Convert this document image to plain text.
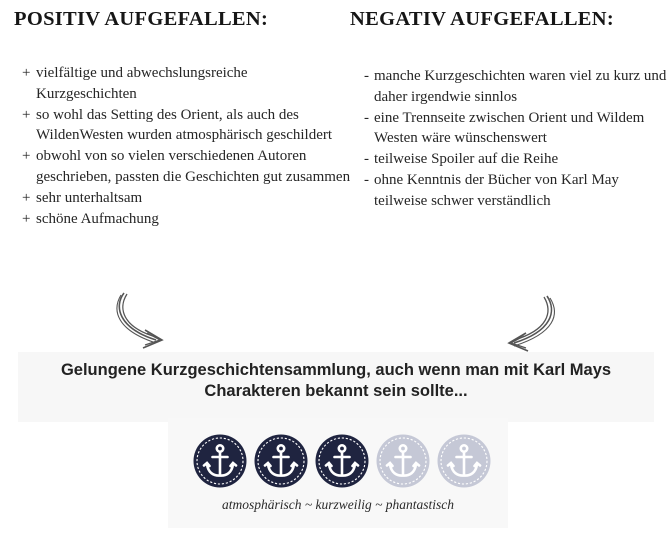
POSITIV AUFGEFALLEN:	NEGATIV AUFGEFALLEN:
+ vielfältige und abwechslungsreiche Kurzgeschichten
+ so wohl das Setting des Orient, als auch des WildenWesten wurden atmosphärisch geschildert
+ obwohl von so vielen verschiedenen Autoren geschrieben, passten die Geschichten gut zusammen
+ sehr unterhaltsam
+ schöne Aufmachung
- manche Kurzgeschichten waren viel zu kurz und daher irgendwie sinnlos
- eine Trennseite zwischen Orient und Wildem Westen wäre wünschenswert
- teilweise Spoiler auf die Reihe
- ohne Kenntnis der Bücher von Karl May teilweise schwer verständlich
Gelungene Kurzgeschichtensammlung, auch wenn man mit Karl Mays
Charakteren bekannt sein sollte...
atmosphärisch ~ kurzweilig ~ phantastisch
